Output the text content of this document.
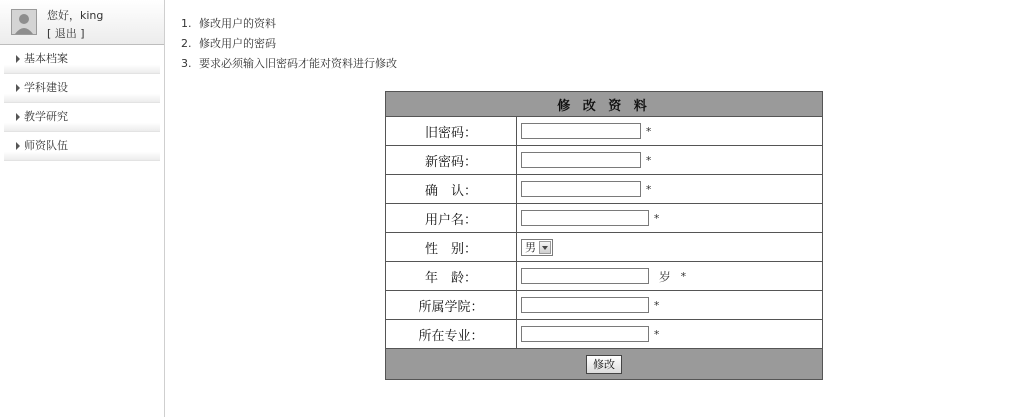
您好，king
[ 退出 ]
基本档案
学科建设
教学研究
师资队伍
1. 修改用户的资料
2. 修改用户的密码
3. 要求必须输入旧密码才能对资料进行修改
修 改 资 料	
旧密码：	*
新密码：	*
确　认：	*
用户名：	*
性　别：	男
年　龄：	岁 *
所属学院：	*
所在专业：	*
修改	
